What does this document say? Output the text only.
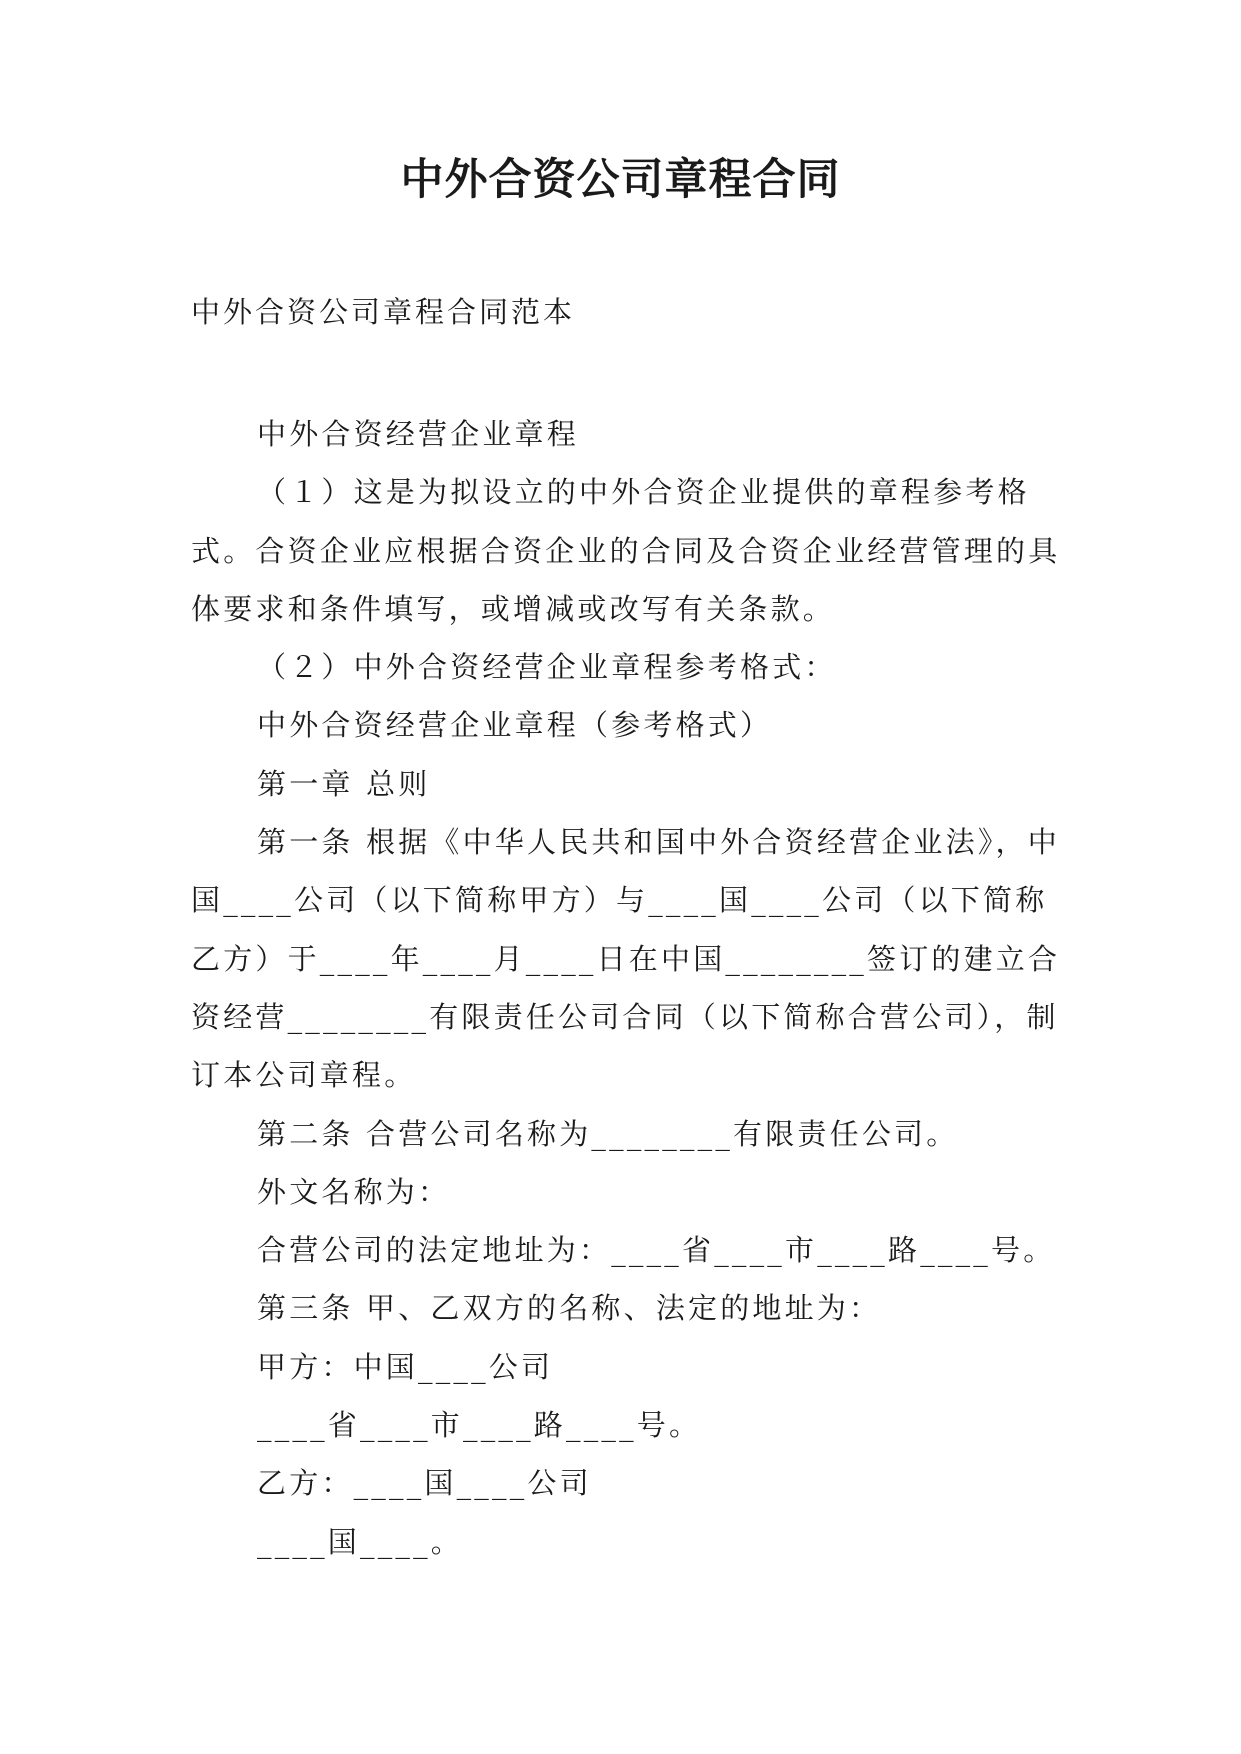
中外合资公司章程合同
中外合资公司章程合同范本

中外合资经营企业章程

（１）这是为拟设立的中外合资企业提供的章程参考格式。合资企业应根据合资企业的合同及合资企业经营管理的具体要求和条件填写，或增减或改写有关条款。

（２）中外合资经营企业章程参考格式：

中外合资经营企业章程（参考格式）

第一章 总则

第一条 根据《中华人民共和国中外合资经营企业法》，中国____公司（以下简称甲方）与____国____公司（以下简称乙方）于____年____月____日在中国________签订的建立合资经营________有限责任公司合同（以下简称合营公司），制订本公司章程。

第二条 合营公司名称为________有限责任公司。

外文名称为：

合营公司的法定地址为：____省____市____路____号。

第三条 甲、乙双方的名称、法定的地址为：

甲方：中国____公司

____省____市____路____号。

乙方：____国____公司

____国____。
